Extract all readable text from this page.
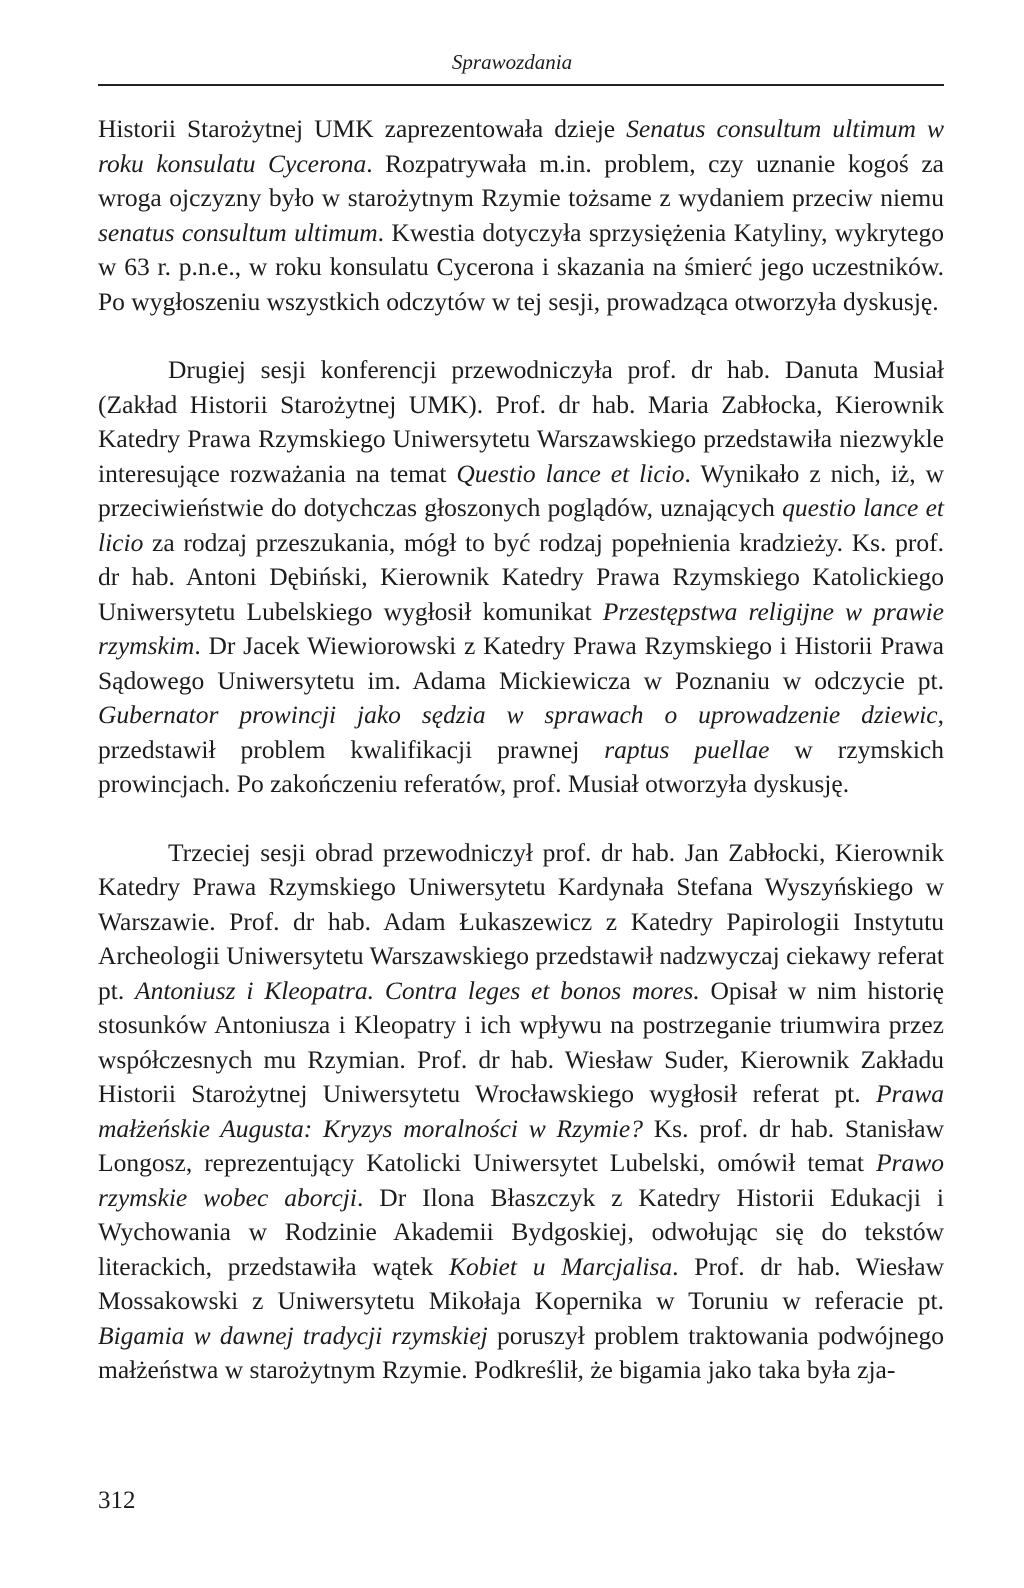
Sprawozdania

Historii Starożytnej UMK zaprezentowała dzieje Senatus consultum ultimum w roku konsulatu Cycerona. Rozpatrywała m.in. problem, czy uznanie kogoś za wroga ojczyzny było w starożytnym Rzymie tożsame z wydaniem przeciw niemu senatus consultum ultimum. Kwestia dotyczyła sprzysiężenia Katyliny, wykrytego w 63 r. p.n.e., w roku konsulatu Cycerona i skazania na śmierć jego uczestników. Po wygłoszeniu wszystkich odczytów w tej sesji, prowadząca otworzyła dyskusję.

Drugiej sesji konferencji przewodniczyła prof. dr hab. Danuta Musiał (Zakład Historii Starożytnej UMK). Prof. dr hab. Maria Zabłocka, Kierownik Katedry Prawa Rzymskiego Uniwersytetu Warszawskiego przedstawiła niezwykle interesujące rozważania na temat Questio lance et licio. Wynikało z nich, iż, w przeciwieństwie do dotychczas głoszonych poglądów, uznających questio lance et licio za rodzaj przeszukania, mógł to być rodzaj popełnienia kradzieży. Ks. prof. dr hab. Antoni Dębiński, Kierownik Katedry Prawa Rzymskiego Katolickiego Uniwersytetu Lubelskiego wygłosił komunikat Przestępstwa religijne w prawie rzymskim. Dr Jacek Wiewiorowski z Katedry Prawa Rzymskiego i Historii Prawa Sądowego Uniwersytetu im. Adama Mickiewicza w Poznaniu w odczycie pt. Gubernator prowincji jako sędzia w sprawach o uprowadzenie dziewic, przedstawił problem kwalifikacji prawnej raptus puellae w rzymskich prowincjach. Po zakończeniu referatów, prof. Musiał otworzyła dyskusję.

Trzeciej sesji obrad przewodniczył prof. dr hab. Jan Zabłocki, Kierownik Katedry Prawa Rzymskiego Uniwersytetu Kardynała Stefana Wyszyńskiego w Warszawie. Prof. dr hab. Adam Łukaszewicz z Katedry Papirologii Instytutu Archeologii Uniwersytetu Warszawskiego przedstawił nadzwyczaj ciekawy referat pt. Antoniusz i Kleopatra. Contra leges et bonos mores. Opisał w nim historię stosunków Antoniusza i Kleopatry i ich wpływu na postrzeganie triumwira przez współczesnych mu Rzymian. Prof. dr hab. Wiesław Suder, Kierownik Zakładu Historii Starożytnej Uniwersytetu Wrocławskiego wygłosił referat pt. Prawa małżeńskie Augusta: Kryzys moralności w Rzymie? Ks. prof. dr hab. Stanisław Longosz, reprezentujący Katolicki Uniwersytet Lubelski, omówił temat Prawo rzymskie wobec aborcji. Dr Ilona Błaszczyk z Katedry Historii Edukacji i Wychowania w Rodzinie Akademii Bydgoskiej, odwołując się do tekstów literackich, przedstawiła wątek Kobiet u Marcjalisa. Prof. dr hab. Wiesław Mossakowski z Uniwersytetu Mikołaja Kopernika w Toruniu w referacie pt. Bigamia w dawnej tradycji rzymskiej poruszył problem traktowania podwójnego małżeństwa w starożytnym Rzymie. Podkreślił, że bigamia jako taka była zja-

312
